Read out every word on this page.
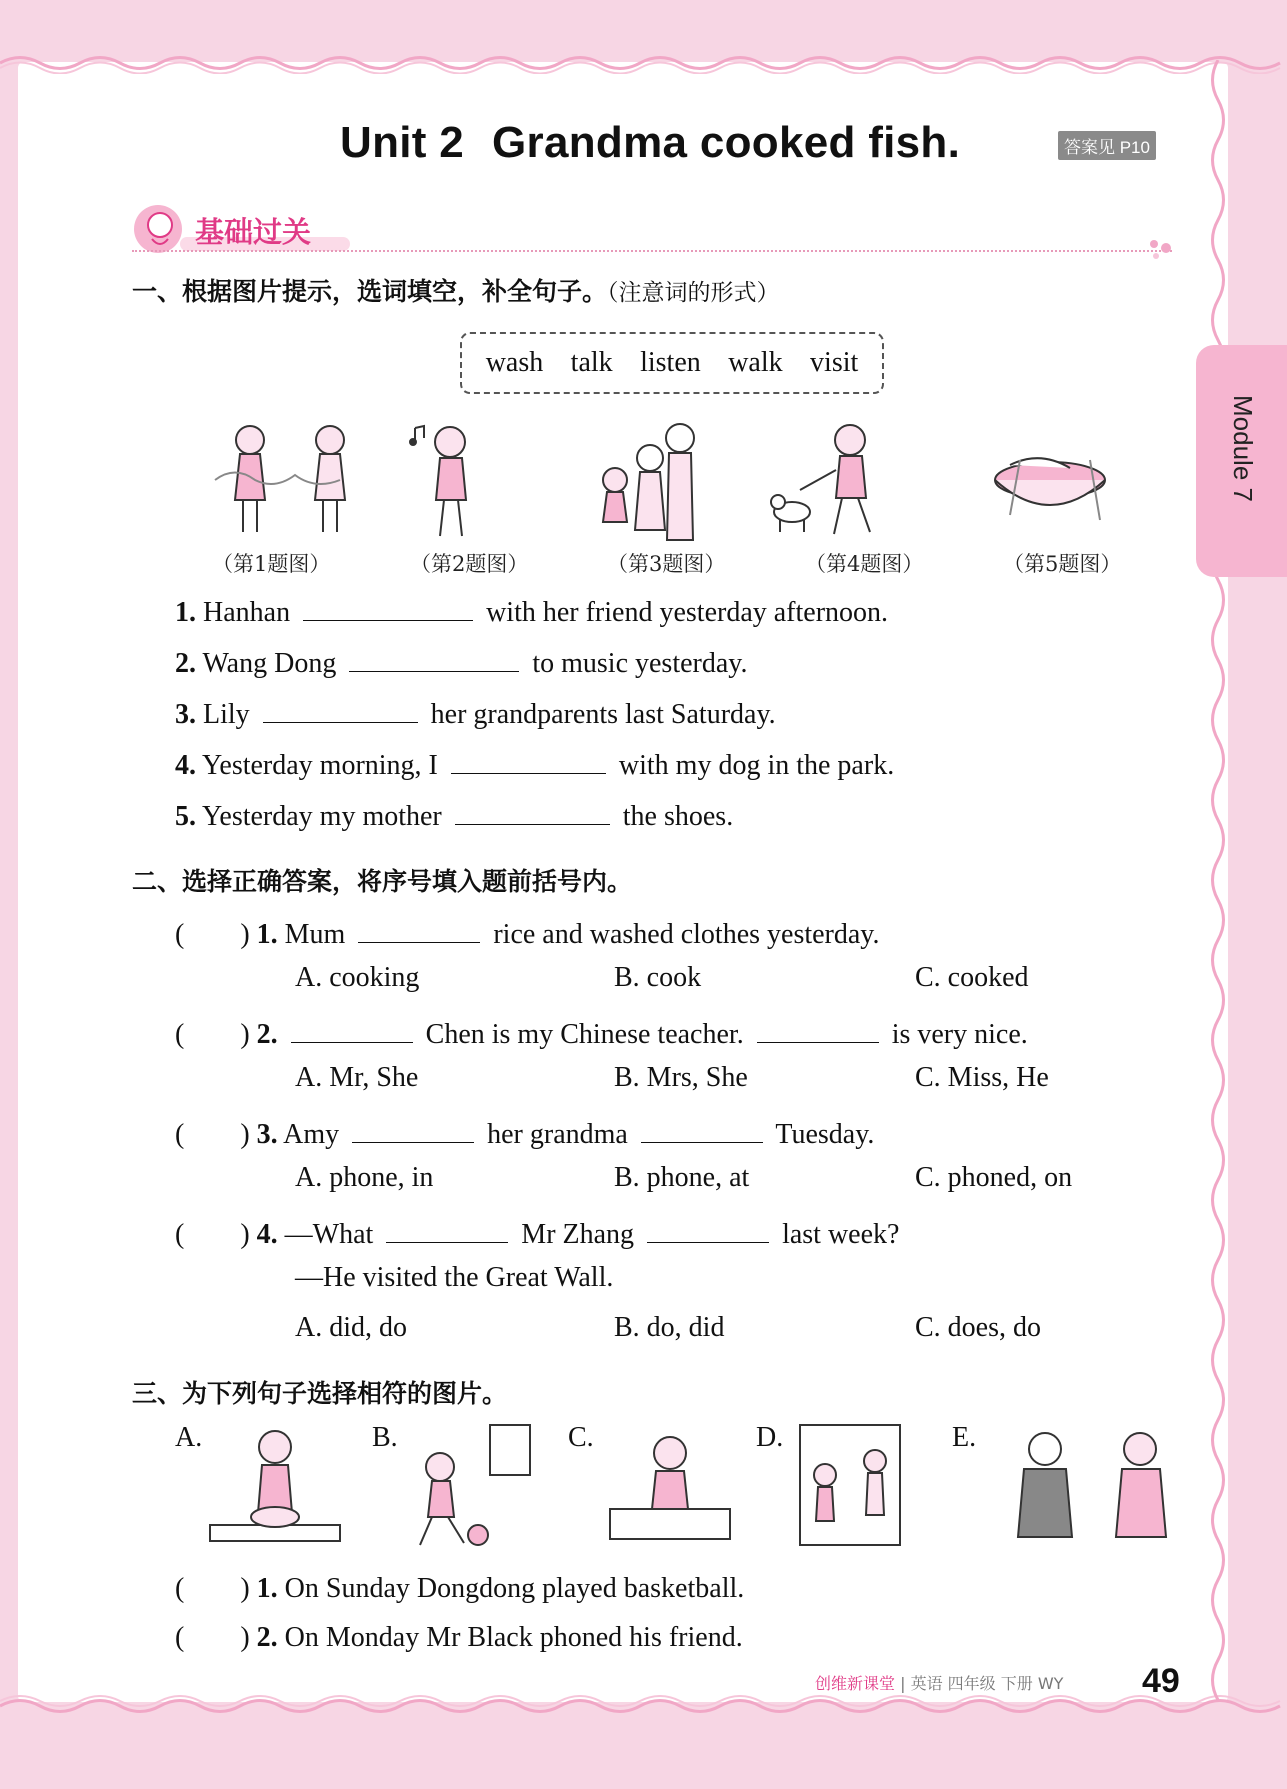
Unit 2 Grandma cooked fish.	答案见 P10
基础过关
Module 7
一、根据图片提示，选词填空，补全句子。（注意词的形式）
wash talk listen walk visit
（第1题图）	（第2题图）	（第3题图）	（第4题图）	（第5题图）
1. Hanhan	with her friend yesterday afternoon.
2. Wang Dong	to music yesterday.
3. Lily	her grandparents last Saturday.
4. Yesterday morning, I	with my dog in the park.
5. Yesterday my mother	the shoes.
二、选择正确答案，将序号填入题前括号内。
(　　) 1. Mum	rice and washed clothes yesterday.
A. cooking	B. cook	C. cooked
(　　) 2.	Chen is my Chinese teacher.	is very nice.
A. Mr, She	B. Mrs, She	C. Miss, He
(　　) 3. Amy	her grandma	Tuesday.
A. phone, in	B. phone, at	C. phoned, on
(　　) 4. —What	Mr Zhang	last week?
—He visited the Great Wall.
A. did, do	B. do, did	C. does, do
三、为下列句子选择相符的图片。
A.	B.	C.	D.	E.
(　　) 1. On Sunday Dongdong played basketball.
(　　) 2. On Monday Mr Black phoned his friend.
创维新课堂 | 英语 四年级 下册 WY 49
